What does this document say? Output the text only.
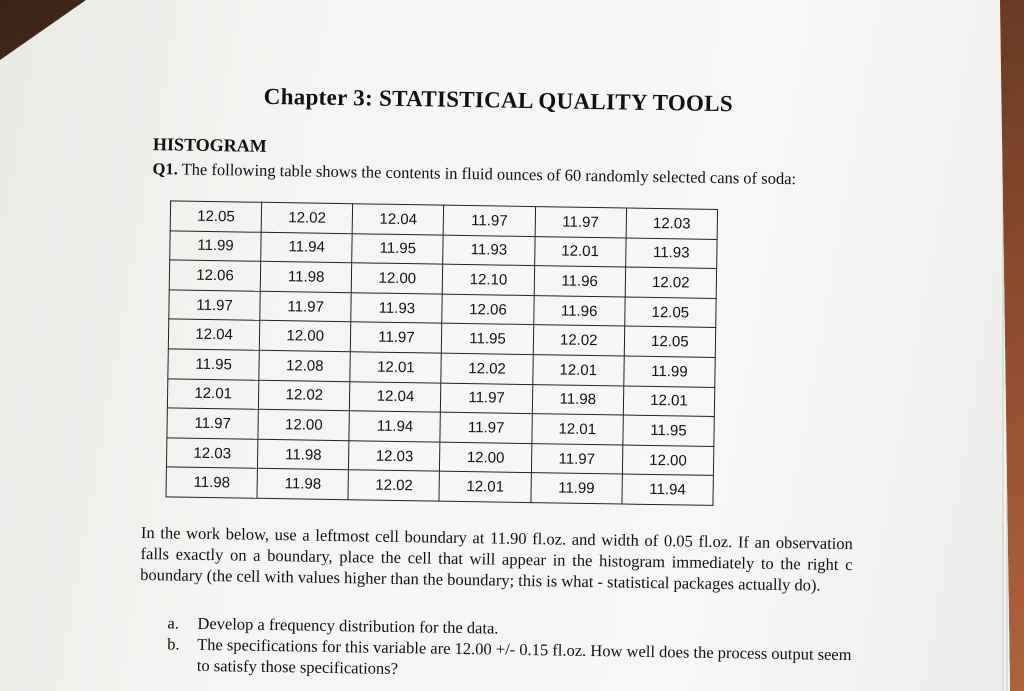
Chapter 3: STATISTICAL QUALITY TOOLS
HISTOGRAM
Q1. The following table shows the contents in fluid ounces of 60 randomly selected cans of soda:
12.05	12.02	12.04	11.97	11.97	12.03
11.99	11.94	11.95	11.93	12.01	11.93
12.06	11.98	12.00	12.10	11.96	12.02
11.97	11.97	11.93	12.06	11.96	12.05
12.04	12.00	11.97	11.95	12.02	12.05
11.95	12.08	12.01	12.02	12.01	11.99
12.01	12.02	12.04	11.97	11.98	12.01
11.97	12.00	11.94	11.97	12.01	11.95
12.03	11.98	12.03	12.00	11.97	12.00
11.98	11.98	12.02	12.01	11.99	11.94
In the work below, use a leftmost cell boundary at 11.90 fl.oz. and width of 0.05 fl.oz. If an observation falls exactly on a boundary, place the cell that will appear in the histogram immediately to the right c boundary (the cell with values higher than the boundary; this is what - statistical packages actually do).
a.	Develop a frequency distribution for the data.
b.	The specifications for this variable are 12.00 +/- 0.15 fl.oz. How well does the process output seem to satisfy those specifications?
